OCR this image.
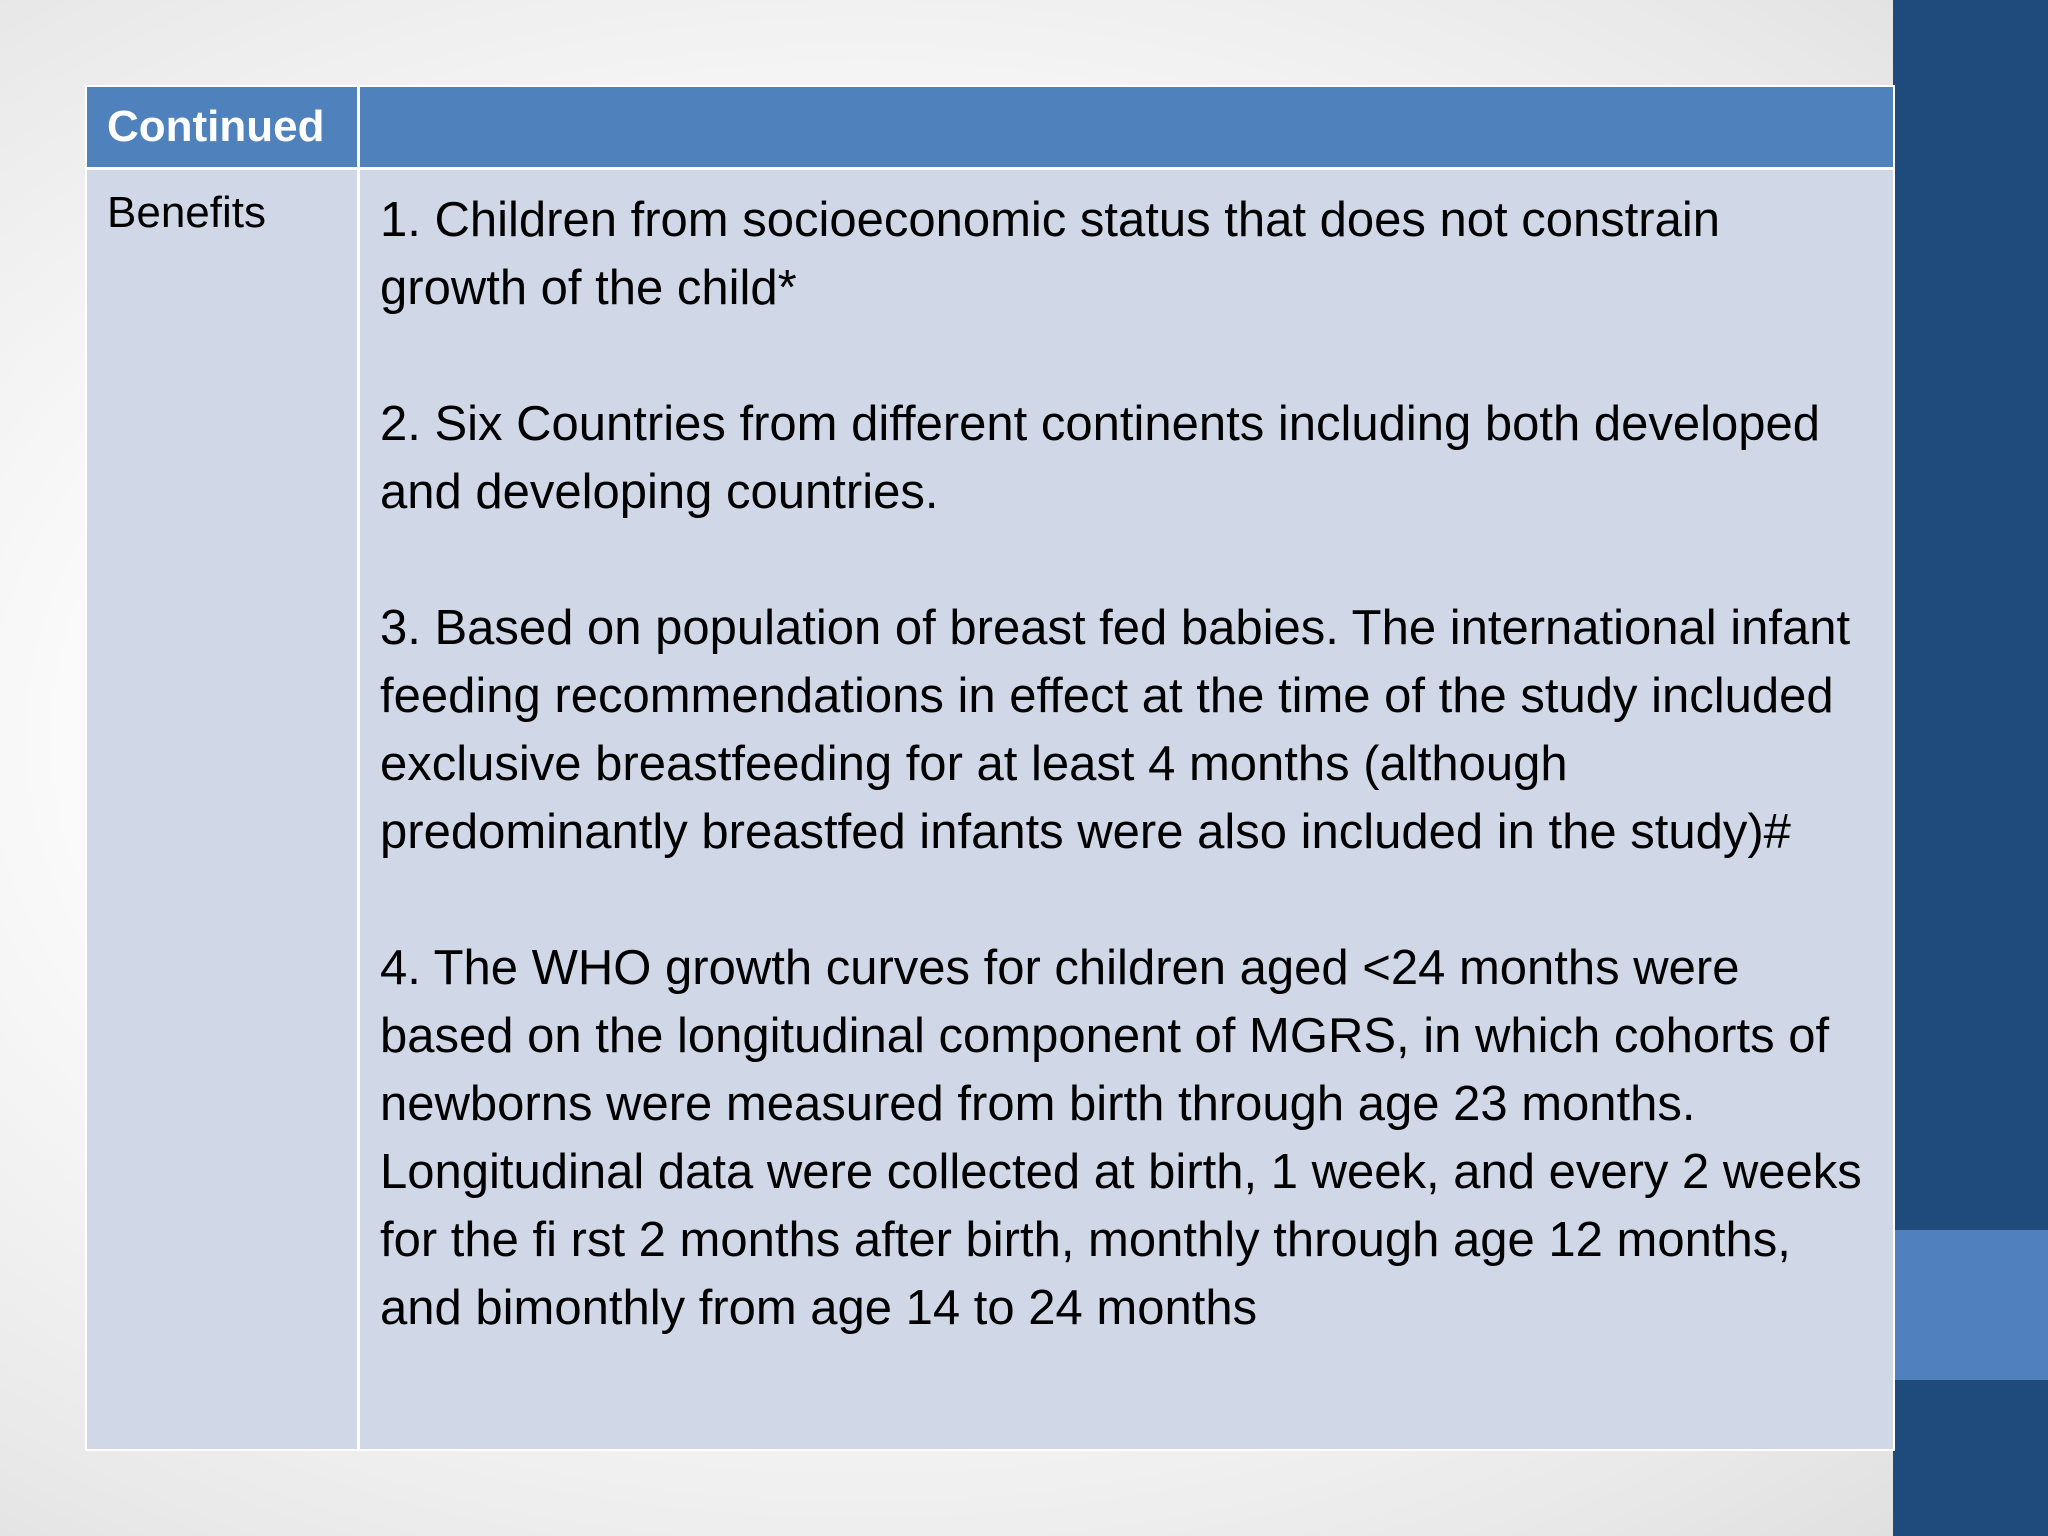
Continued
Benefits	1. Children from socioeconomic status that does not constrain growth of the child*

2. Six Countries from different continents including both developed and developing countries.

3. Based on population of breast fed babies. The international infant feeding recommendations in effect at the time of the study included exclusive breastfeeding for at least 4 months (although predominantly breastfed infants were also included in the study)#

4. The WHO growth curves for children aged <24 months were based on the longitudinal component of MGRS, in which cohorts of newborns were measured from birth through age 23 months. Longitudinal data were collected at birth, 1 week, and every 2 weeks for the fi rst 2 months after birth, monthly through age 12 months, and bimonthly from age 14 to 24 months
